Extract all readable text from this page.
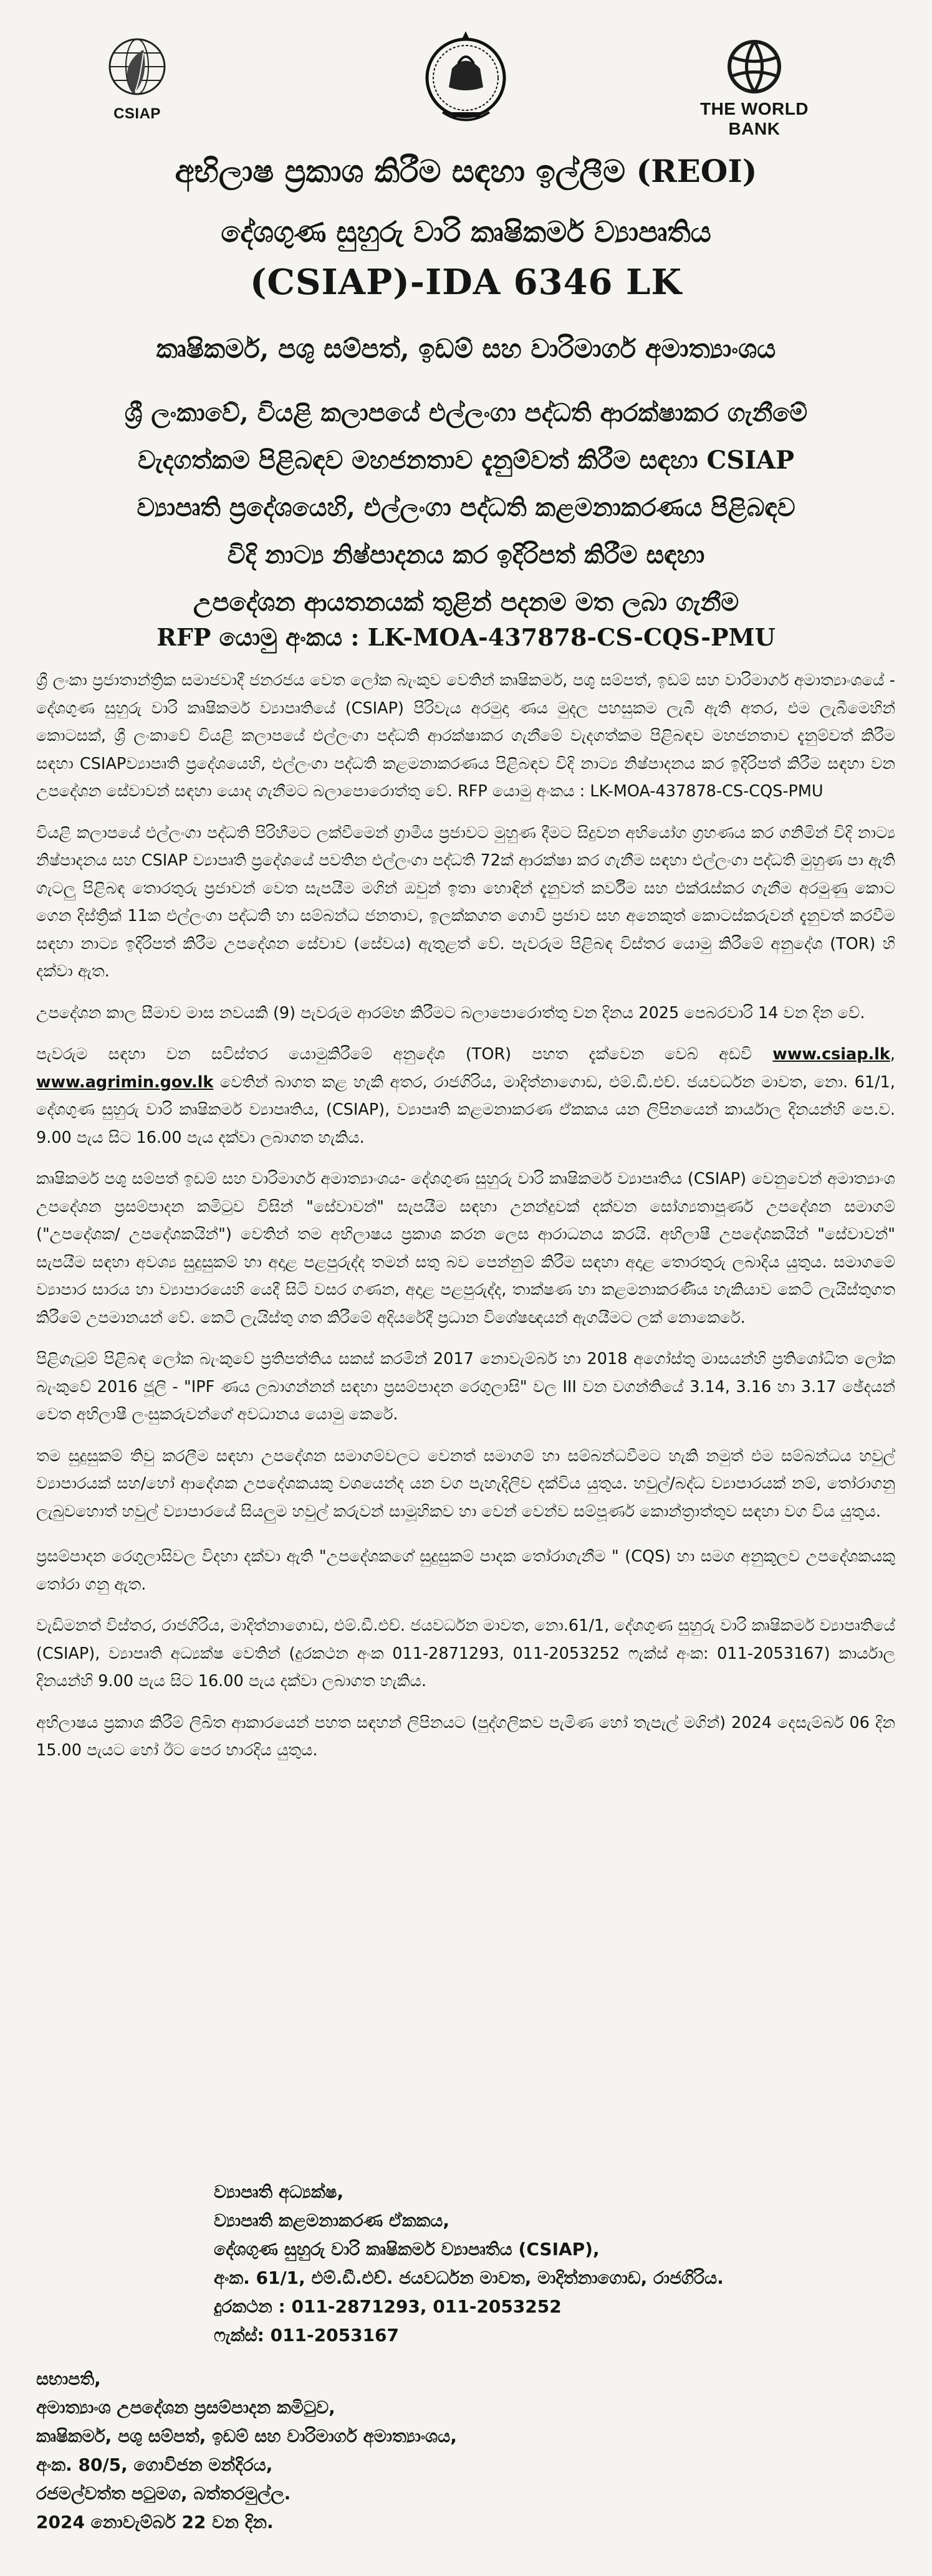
CSIAP	THE WORLD BANK
අභිලාෂ ප්‍රකාශ කිරීම සඳහා ඉල්ලීම (REOI)
දේශගුණ සුහුරු වාරි කෘෂිකර්ම ව්‍යාපෘතිය
(CSIAP)-IDA 6346 LK
කෘෂිකර්ම, පශු සම්පත්, ඉඩම් සහ වාරිමාර්ග අමාත්‍යාංශය
ශ්‍රී ලංකාවේ, වියළි කලාපයේ එල්ලංගා පද්ධති ආරක්ෂාකර ගැනීමේ
වැදගත්කම පිළිබඳව මහජනතාව දැනුම්වත් කිරීම සඳහා CSIAP
ව්‍යාපෘති ප්‍රදේශයෙහි, එල්ලංගා පද්ධති කළමනාකරණය පිළිබඳව
විදි නාට්‍ය නිෂ්පාදනය කර ඉදිරිපත් කිරීම සඳහා
උපදේශන ආයතනයක් තුළින් පදනම මත ලබා ගැනීම
RFP යොමු අංකය : LK-MOA-437878-CS-CQS-PMU

ශ්‍රී ලංකා ප්‍රජාතාන්ත්‍රික සමාජවාදී ජනරජය වෙත ලෝක බැංකුව වෙතින් කෘෂිකර්ම, පශු සම්පත්, ඉඩම් සහ වාරිමාර්ග අමාත්‍යාංශයේ - දේශගුණ සුහුරු වාරි කෘෂිකර්ම ව්‍යාපෘතියේ (CSIAP) පිරිවැය අරමුදා ණය මුදල පහසුකම ලැබී ඇති අතර, එම ලැබීමෙහින් කොටසක්, ශ්‍රී ලංකාවේ වියළි කලාපයේ එල්ලංගා පද්ධති ආරක්ෂාකර ගැනීමේ වැදගත්කම පිළිබඳව මහජනතාව දැනුම්වත් කිරීම සඳහා CSIAPව්‍යාපෘති ප්‍රදේශයෙහි, එල්ලංගා පද්ධති කළමනාකරණය පිළිබඳව විදි නාට්‍ය නිෂ්පාදනය කර ඉදිරිපත් කිරීම සඳහා වන උපදේශන සේවාවන් සඳහා යොද ගැනීමට බලාපොරොත්තු වේ. RFP යොමු අංකය : LK-MOA-437878-CS-CQS-PMU

වියළි කලාපයේ එල්ලංගා පද්ධති පිරිහීමට ලක්වීමෙන් ග්‍රාමීය ප්‍රජාවට මුහුණ දීමට සිදුවන අභියෝග ග්‍රහණය කර ගනිමින් විදි නාට්‍ය නිෂ්පාදනය සහ CSIAP ව්‍යාපෘති ප්‍රදේශයේ පවතින එල්ලංගා පද්ධති 72ක් ආරක්ෂා කර ගැනීම සඳහා එල්ලංගා පද්ධති මුහුණ පා ඇති ගැටලු පිළිබඳ තොරතුරු ප්‍රජාවන් වෙත සැපයීම මගින් ඔවුන් ඉතා හොඳින් දැනුවත් කර්වීම සහ එක්රැස්කර ගැනීම අරමුණු කොට ගෙන දිස්ත්‍රික් 11ක එල්ලංගා පද්ධති හා සම්බන්ධ ජනතාව, ඉලක්කගත ගොවි ප්‍රජාව සහ අනෙකුත් කොටස්කරුවන් දැනුවත් කරවීම සඳහා නාට්‍ය ඉදිරිපත් කිරීම උපදේශන සේවාව (සේවය) ඇතුළත් වේ. පැවරුම පිළිබඳ විස්තර යොමු කිරීමේ අනුදේශ (TOR) හි දක්වා ඇත.

උපදේශන කාල සීමාව මාස නවයකි (9) පැවරුම ආරම්භ කිරීමට බලාපොරොත්තු වන දිනය 2025 පෙබරවාරි 14 වන දින වේ.

පැවරුම සඳහා වන සවිස්තර යොමුකිරීමේ අනුදේශ (TOR) පහත දැක්වෙන වෙබ් අඩවි www.csiap.lk, www.agrimin.gov.lk වෙතින් බාගත කළ හැකි අතර, රාජගිරිය, මාදිත්නාගොඩ, එම්.ඩී.එච්. ජයවර්ධන මාවත, නො. 61/1, දේශගුණ සුහුරු වාරි කෘෂිකර්ම ව්‍යාපෘතිය, (CSIAP), ව්‍යාපෘති කළමනාකරණ ඒකකය යන ලිපිනයෙන් කාර්යාල දිනයන්හි පෙ.ව. 9.00 පැය සිට 16.00 පැය දක්වා ලබාගත හැකිය.

කෘෂිකර්ම පශු සම්පත් ඉඩම් සහ වාරිමාර්ග අමාත්‍යාංශය- දේශගුණ සුහුරු වාරි කෘෂිකර්ම ව්‍යාපෘතිය (CSIAP) වෙනුවෙන් අමාත්‍යාංශ උපදේශන ප්‍රසම්පාදන කමිටුව විසින් "සේවාවන්" සැපයීම සඳහා උනන්දුවක් දක්වන සෝග්‍යතාපූර්ණ උපදේශන සමාගම් ("උපදේශක/ උපදේශකයින්") වෙතින් තම අභිලාෂය ප්‍රකාශ කරන ලෙස ආරාධනය කරයි. අභිලාෂී උපදේශකයින් "සේවාවන්" සැපයීම සඳහා අවශ්‍ය සුදුසුකම් හා අදාළ පළපුරුද්ද තමන් සතු බව පෙන්නුම් කිරීම සඳහා අදාළ තොරතුරු ලබාදිය යුතුය. සමාගමේ ව්‍යාපාර සාරය හා ව්‍යාපාරයෙහි යෙදී සිටි වසර ගණන, අදාළ පළපුරුද්ද, තාක්ෂණ හා කළමනාකරණීය හැකියාව කෙටි ලැයිස්තුගත කිරීමේ උපමානයන් වේ. කෙටි ලැයිස්තු ගත කිරීමේ අදියරේදී ප්‍රධාන විශේෂඥයන් ඇගයීමට ලක් නොකෙරේ.

පිළිගැටුම් පිළිබඳ ලෝක බැංකුවේ ප්‍රතිපත්තිය සකස් කරමින් 2017 නොවැම්බර් හා 2018 අගෝස්තු මාසයන්හි ප්‍රතිශෝධිත ලෝක බැංකුවේ 2016 ජූලි - "IPF ණය ලබාගන්නන් සඳහා ප්‍රසම්පාදන රෙගුලාසි" වල III වන වගන්තියේ 3.14, 3.16 හා 3.17 ඡේදයන් වෙත අභිලාෂී ලංසුකරුවන්ගේ අවධානය යොමු කෙරේ.

තම සුදුසුකම් තිවු කරලීම සඳහා උපදේශන සමාගම්වලට වෙනත් සමාගම් හා සම්බන්ධවීමට හැකි නමුත් එම සම්බන්ධය හවුල් ව්‍යාපාරයක් සහ/හෝ ආදේශක උපදේශකයකු වශයෙන්ද යන වග පැහැදිලිව දක්විය යුතුය. හවුල්/බද්ධ ව්‍යාපාරයක් නම්, තෝරාගනු ලැබුවහොත් හවුල් ව්‍යාපාරයේ සියලුම හවුල් කරුවන් සාමූහිකව හා වෙන් වෙන්ව සම්පූර්ණ කොන්ත්‍රාත්තුව සඳහා වග විය යුතුය.

ප්‍රසම්පාදන රෙගුලාසිවල විදහා දක්වා ඇති "උපදේශකගේ සුදුසුකම් පාදක තෝරාගැනීම " (CQS) හා සමග අනුකූලව උපදේශකයකු තෝරා ගනු ඇත.

වැඩිමනත් විස්තර, රාජගිරිය, මාදිත්නාගොඩ, එම්.ඩී.එච්. ජයවර්ධන මාවත, නො.61/1, දේශගුණ සුහුරු වාරි කෘෂිකර්ම ව්‍යාපෘතියේ (CSIAP), ව්‍යාපෘති අධ්‍යක්ෂ වෙතින් (දුරකථන අංක 011-2871293, 011-2053252 ෆැක්ස් අංක: 011-2053167) කාර්යාල දිනයන්හි 9.00 පැය සිට 16.00 පැය දක්වා ලබාගත හැකිය.

අභිලාෂය ප්‍රකාශ කිරීම් ලිඛිත ආකාරයෙන් පහත සඳහන් ලිපිනයට (පුද්ගලිකව පැමිණ හෝ තැපැල් මගින්) 2024 දෙසැම්බර් 06 දින 15.00 පැයට හෝ ඊට පෙර භාරදිය යුතුය.

ව්‍යාපෘති අධ්‍යක්ෂ,
ව්‍යාපෘති කළමනාකරණ ඒකකය,
දේශගුණ සුහුරු වාරි කෘෂිකර්ම ව්‍යාපෘතිය (CSIAP),
අංක. 61/1, එම්.ඩී.එච්. ජයවර්ධන මාවත, මාදිත්නාගොඩ, රාජගිරිය.
දුරකථන : 011-2871293, 011-2053252
ෆැක්ස්: 011-2053167
සභාපති,
අමාත්‍යාංශ උපදේශන ප්‍රසම්පාදන කමිටුව,
කෘෂිකර්ම, පශු සම්පත්, ඉඩම් සහ වාරිමාර්ග අමාත්‍යාංශය,
අංක. 80/5, ගොවිජන මන්දිරය,
රජමල්වත්ත පටුමග, බත්තරමුල්ල.
2024 නොවැම්බර් 22 වන දින.
